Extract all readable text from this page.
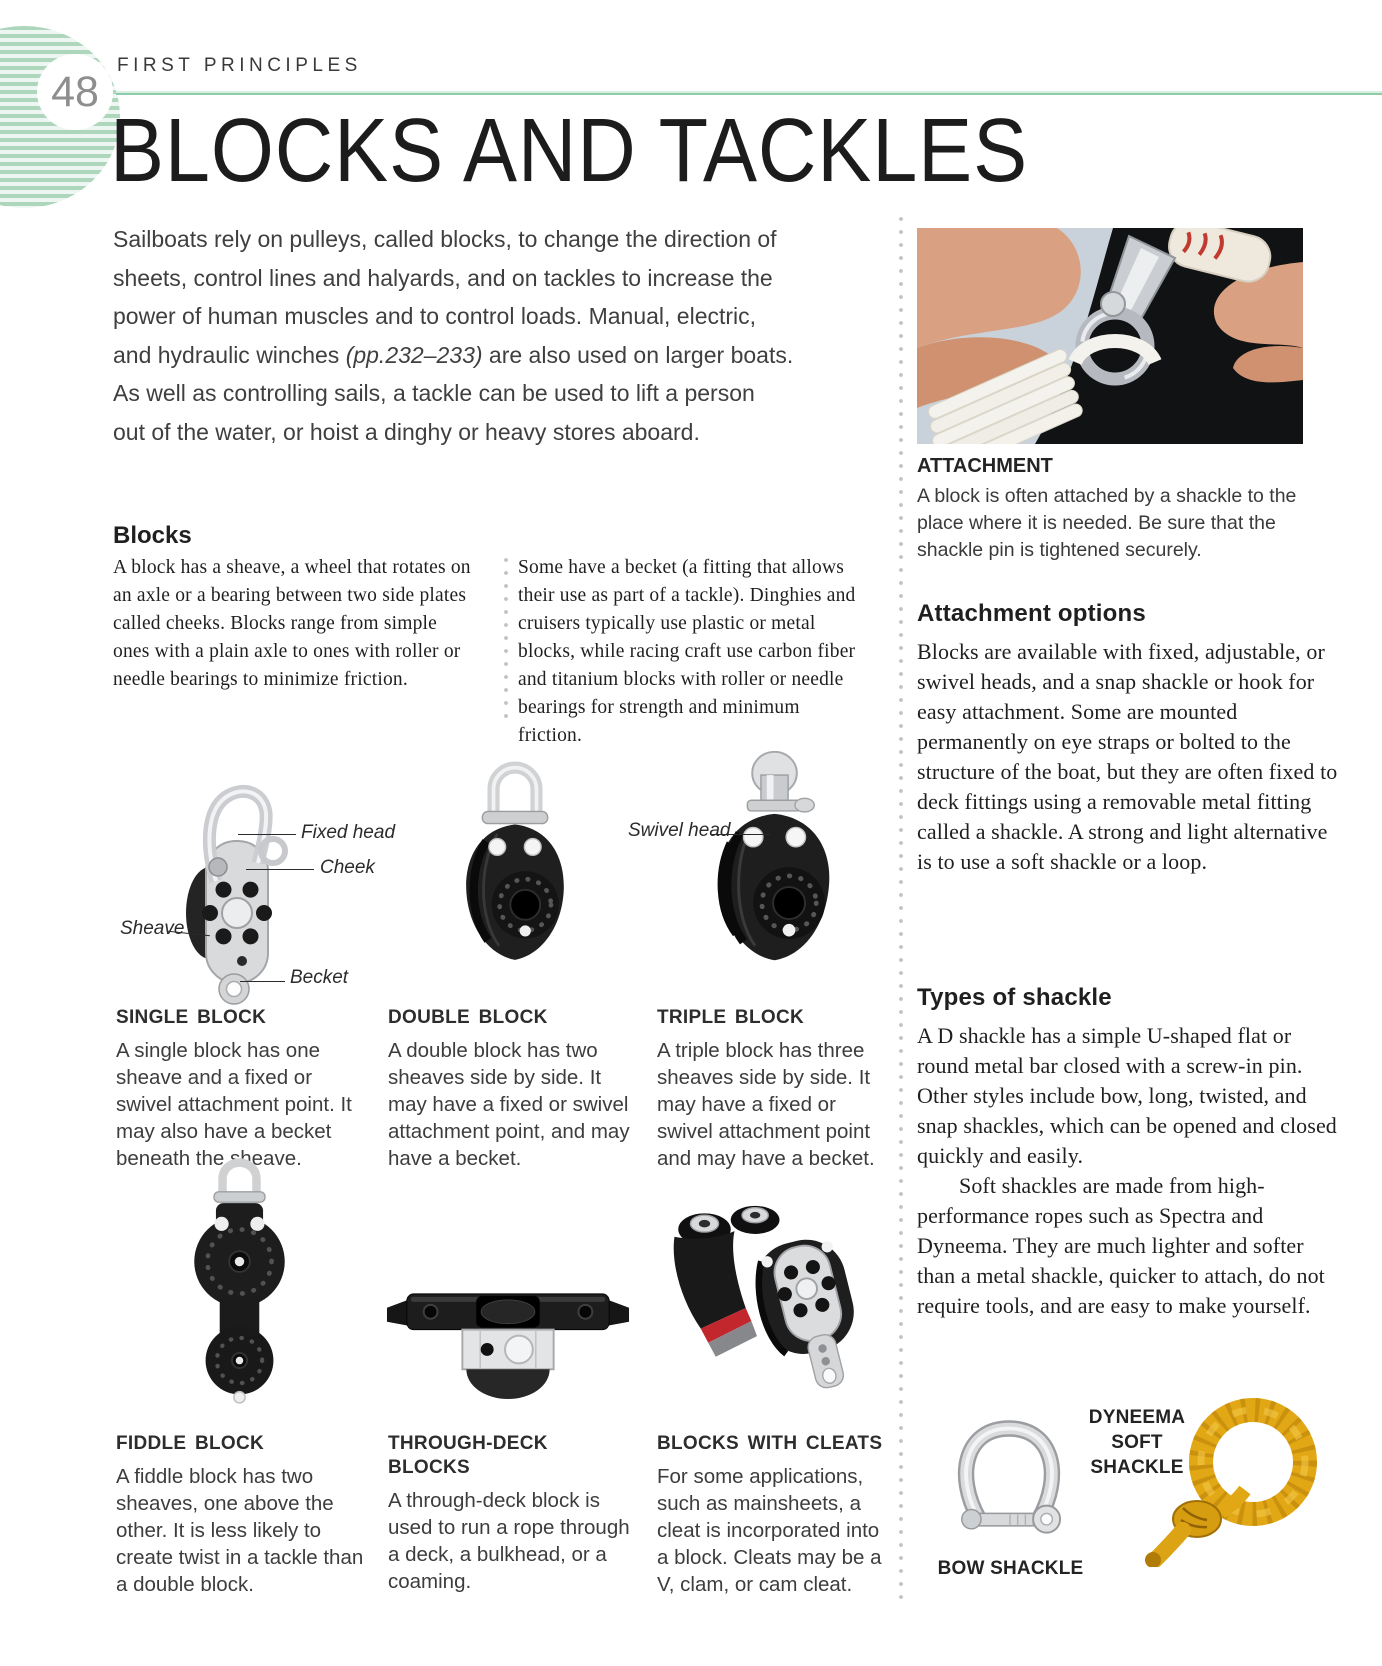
48
FIRST PRINCIPLES
BLOCKS AND TACKLES
Sailboats rely on pulleys, called blocks, to change the direction of
sheets, control lines and halyards, and on tackles to increase the
power of human muscles and to control loads. Manual, electric,
and hydraulic winches (pp.232–233) are also used on larger boats.
As well as controlling sails, a tackle can be used to lift a person
out of the water, or hoist a dinghy or heavy stores aboard.

ATTACHMENT

A block is often attached by a shackle to the place where it is needed. Be sure that the shackle pin is tightened securely.

Attachment options

Blocks are available with fixed, adjustable, or swivel heads, and a snap shackle or hook for easy attachment. Some are mounted permanently on eye straps or bolted to the structure of the boat, but they are often fixed to deck fittings using a removable metal fitting called a shackle. A strong and light alternative is to use a soft shackle or a loop.

Types of shackle

A D shackle has a simple U-shaped flat or round metal bar closed with a screw-in pin. Other styles include bow, long, twisted, and snap shackles, which can be opened and closed quickly and easily.

Soft shackles are made from high-performance ropes such as Spectra and Dyneema. They are much lighter and softer than a metal shackle, quicker to attach, do not require tools, and are easy to make yourself.

BOW SHACKLE
DYNEEMA SOFT SHACKLE
Blocks

A block has a sheave, a wheel that rotates on an axle or a bearing between two side plates called cheeks. Blocks range from simple ones with a plain axle to ones with roller or needle bearings to minimize friction.

Some have a becket (a fitting that allows their use as part of a tackle). Dinghies and cruisers typically use plastic or metal blocks, while racing craft use carbon fiber and titanium blocks with roller or needle bearings for strength and minimum friction.

Fixed head
Cheek
Sheave
Becket
Swivel head

SINGLE BLOCK

A single block has one sheave and a fixed or swivel attachment point. It may also have a becket beneath the sheave.

DOUBLE BLOCK

A double block has two sheaves side by side. It may have a fixed or swivel attachment point, and may have a becket.

TRIPLE BLOCK

A triple block has three sheaves side by side. It may have a fixed or swivel attachment point and may have a becket.

FIDDLE BLOCK

A fiddle block has two sheaves, one above the other. It is less likely to create twist in a tackle than a double block.

THROUGH-DECK BLOCKS

A through-deck block is used to run a rope through a deck, a bulkhead, or a coaming.

BLOCKS WITH CLEATS

For some applications, such as mainsheets, a cleat is incorporated into a block. Cleats may be a V, clam, or cam cleat.
